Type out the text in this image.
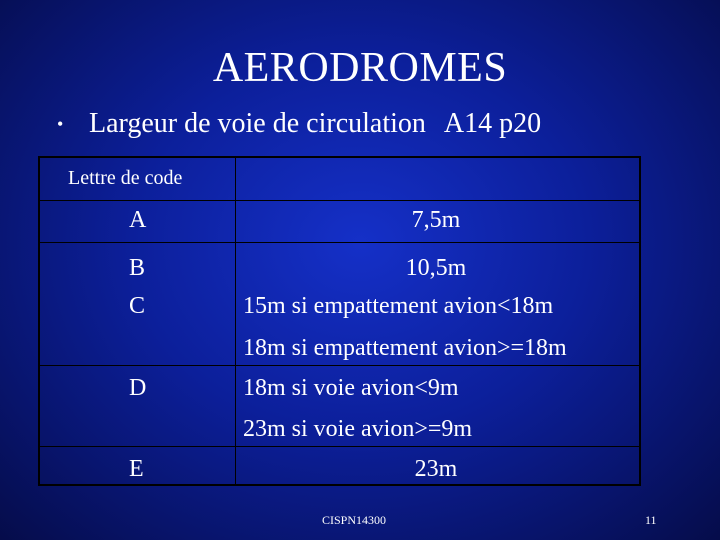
AERODROMES
• Largeur de voie de circulation A14 p20
Lettre de code
A	7,5m
B	10,5m
C	15m si empattement avion<18m
18m si empattement avion>=18m
D	18m si voie avion<9m
23m si voie avion>=9m
E	23m
CISPN14300	11
